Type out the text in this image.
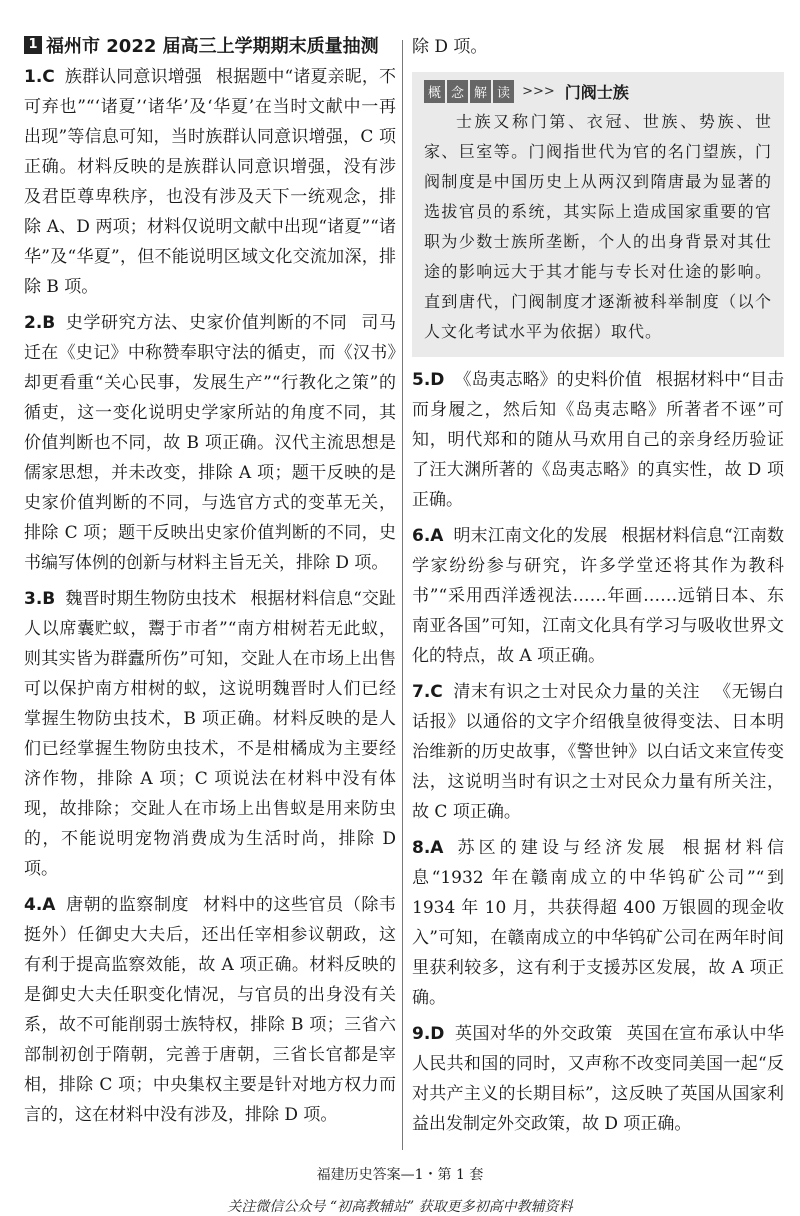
1 福州市 2022 届高三上学期期末质量抽测

1.C 族群认同意识增强 根据题中“诸夏亲昵，不可弃也”“‘诸夏’‘诸华’及‘华夏’在当时文献中一再出现”等信息可知，当时族群认同意识增强，C 项正确。材料反映的是族群认同意识增强，没有涉及君臣尊卑秩序，也没有涉及天下一统观念，排除 A、D 两项；材料仅说明文献中出现“诸夏”“诸华”及“华夏”，但不能说明区域文化交流加深，排除 B 项。

2.B 史学研究方法、史家价值判断的不同 司马迁在《史记》中称赞奉职守法的循吏，而《汉书》却更看重“关心民事，发展生产”“行教化之策”的循吏，这一变化说明史学家所站的角度不同，其价值判断也不同，故 B 项正确。汉代主流思想是儒家思想，并未改变，排除 A 项；题干反映的是史家价值判断的不同，与选官方式的变革无关，排除 C 项；题干反映出史家价值判断的不同，史书编写体例的创新与材料主旨无关，排除 D 项。

3.B 魏晋时期生物防虫技术 根据材料信息“交趾人以席囊贮蚁，鬻于市者”“南方柑树若无此蚁，则其实皆为群蠹所伤”可知，交趾人在市场上出售可以保护南方柑树的蚁，这说明魏晋时人们已经掌握生物防虫技术，B 项正确。材料反映的是人们已经掌握生物防虫技术，不是柑橘成为主要经济作物，排除 A 项；C 项说法在材料中没有体现，故排除；交趾人在市场上出售蚁是用来防虫的，不能说明宠物消费成为生活时尚，排除 D 项。

4.A 唐朝的监察制度 材料中的这些官员（除韦挺外）任御史大夫后，还出任宰相参议朝政，这有利于提高监察效能，故 A 项正确。材料反映的是御史大夫任职变化情况，与官员的出身没有关系，故不可能削弱士族特权，排除 B 项；三省六部制初创于隋朝，完善于唐朝，三省长官都是宰相，排除 C 项；中央集权主要是针对地方权力而言的，这在材料中没有涉及，排除 D 项。

除 D 项。

概 念 解 读 >>> 门阀士族
士族又称门第、衣冠、世族、势族、世家、巨室等。门阀指世代为官的名门望族，门阀制度是中国历史上从两汉到隋唐最为显著的选拔官员的系统，其实际上造成国家重要的官职为少数士族所垄断，个人的出身背景对其仕途的影响远大于其才能与专长对仕途的影响。直到唐代，门阀制度才逐渐被科举制度（以个人文化考试水平为依据）取代。

5.D 《岛夷志略》的史料价值 根据材料中“目击而身履之，然后知《岛夷志略》所著者不诬”可知，明代郑和的随从马欢用自己的亲身经历验证了汪大渊所著的《岛夷志略》的真实性，故 D 项正确。

6.A 明末江南文化的发展 根据材料信息“江南数学家纷纷参与研究，许多学堂还将其作为教科书”“采用西洋透视法……年画……远销日本、东南亚各国”可知，江南文化具有学习与吸收世界文化的特点，故 A 项正确。

7.C 清末有识之士对民众力量的关注 《无锡白话报》以通俗的文字介绍俄皇彼得变法、日本明治维新的历史故事，《警世钟》以白话文来宣传变法，这说明当时有识之士对民众力量有所关注，故 C 项正确。

8.A 苏区的建设与经济发展 根据材料信息“1932 年在赣南成立的中华钨矿公司”“到 1934 年 10 月，共获得超 400 万银圆的现金收入”可知，在赣南成立的中华钨矿公司在两年时间里获利较多，这有利于支援苏区发展，故 A 项正确。

9.D 英国对华的外交政策 英国在宣布承认中华人民共和国的同时，又声称不改变同美国一起“反对共产主义的长期目标”，这反映了英国从国家利益出发制定外交政策，故 D 项正确。

福建历史答案—1・第 1 套
关注微信公众号 “初高教辅站” 获取更多初高中教辅资料
